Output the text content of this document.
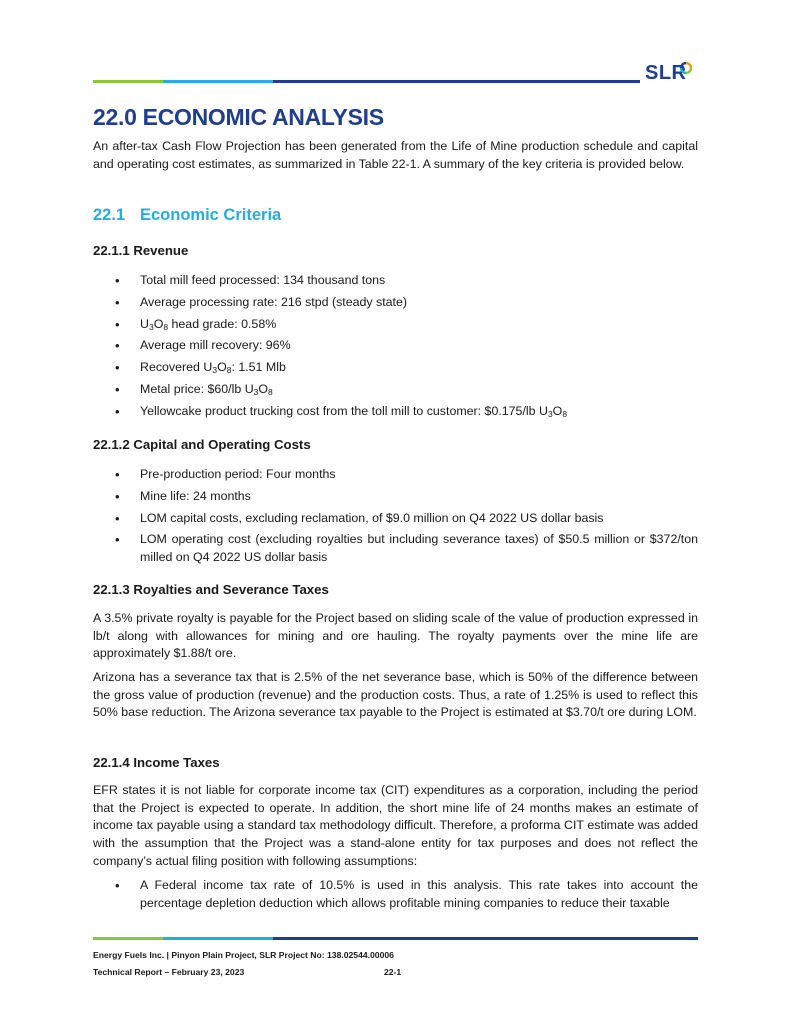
SLR
22.0 ECONOMIC ANALYSIS

An after-tax Cash Flow Projection has been generated from the Life of Mine production schedule and capital and operating cost estimates, as summarized in Table 22-1. A summary of the key criteria is provided below.

22.1 Economic Criteria
22.1.1 Revenue
• Total mill feed processed: 134 thousand tons
• Average processing rate: 216 stpd (steady state)
• $U_3O_8$ head grade: 0.58%
• Average mill recovery: 96%
• Recovered $U_3O_8$: 1.51 Mlb
• Metal price: $60/lb $U_3O_8$
• Yellowcake product trucking cost from the toll mill to customer: $0.175/lb $U_3O_8$
22.1.2 Capital and Operating Costs
• Pre-production period: Four months
• Mine life: 24 months
• LOM capital costs, excluding reclamation, of $9.0 million on Q4 2022 US dollar basis
• LOM operating cost (excluding royalties but including severance taxes) of $50.5 million or $372/ton milled on Q4 2022 US dollar basis
22.1.3 Royalties and Severance Taxes

A 3.5% private royalty is payable for the Project based on sliding scale of the value of production expressed in lb/t along with allowances for mining and ore hauling. The royalty payments over the mine life are approximately $1.88/t ore.

Arizona has a severance tax that is 2.5% of the net severance base, which is 50% of the difference between the gross value of production (revenue) and the production costs. Thus, a rate of 1.25% is used to reflect this 50% base reduction. The Arizona severance tax payable to the Project is estimated at $3.70/t ore during LOM.

22.1.4 Income Taxes

EFR states it is not liable for corporate income tax (CIT) expenditures as a corporation, including the period that the Project is expected to operate. In addition, the short mine life of 24 months makes an estimate of income tax payable using a standard tax methodology difficult. Therefore, a proforma CIT estimate was added with the assumption that the Project was a stand-alone entity for tax purposes and does not reflect the company’s actual filing position with following assumptions:

• A Federal income tax rate of 10.5% is used in this analysis. This rate takes into account the percentage depletion deduction which allows profitable mining companies to reduce their taxable
Energy Fuels Inc. | Pinyon Plain Project, SLR Project No: 138.02544.00006
Technical Report – February 23, 2023	22-1
